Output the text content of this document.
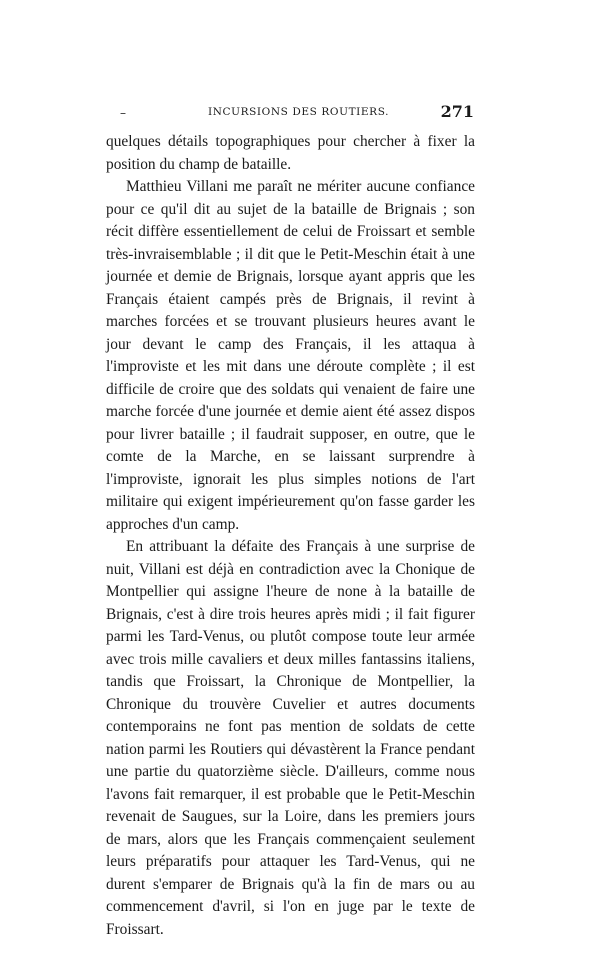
–	INCURSIONS DES ROUTIERS.	271

quelques détails topographiques pour chercher à fixer la position du champ de bataille.

Matthieu Villani me paraît ne mériter aucune confiance pour ce qu'il dit au sujet de la bataille de Brignais ; son récit diffère essentiellement de celui de Froissart et semble très-invraisemblable ; il dit que le Petit-Meschin était à une journée et demie de Brignais, lorsque ayant appris que les Français étaient campés près de Brignais, il revint à marches forcées et se trouvant plusieurs heures avant le jour devant le camp des Français, il les attaqua à l'improviste et les mit dans une déroute complète ; il est difficile de croire que des soldats qui venaient de faire une marche forcée d'une journée et demie aient été assez dispos pour livrer bataille ; il faudrait supposer, en outre, que le comte de la Marche, en se laissant surprendre à l'improviste, ignorait les plus simples notions de l'art militaire qui exigent impérieurement qu'on fasse garder les approches d'un camp.

En attribuant la défaite des Français à une surprise de nuit, Villani est déjà en contradiction avec la Chonique de Montpellier qui assigne l'heure de none à la bataille de Brignais, c'est à dire trois heures après midi ; il fait figurer parmi les Tard-Venus, ou plutôt compose toute leur armée avec trois mille cavaliers et deux milles fantassins italiens, tandis que Froissart, la Chronique de Montpellier, la Chronique du trouvère Cuvelier et autres documents contemporains ne font pas mention de soldats de cette nation parmi les Routiers qui dévastèrent la France pendant une partie du quatorzième siècle. D'ailleurs, comme nous l'avons fait remarquer, il est probable que le Petit-Meschin revenait de Saugues, sur la Loire, dans les premiers jours de mars, alors que les Français commençaient seulement leurs préparatifs pour attaquer les Tard-Venus, qui ne durent s'emparer de Brignais qu'à la fin de mars ou au commencement d'avril, si l'on en juge par le texte de Froissart.
